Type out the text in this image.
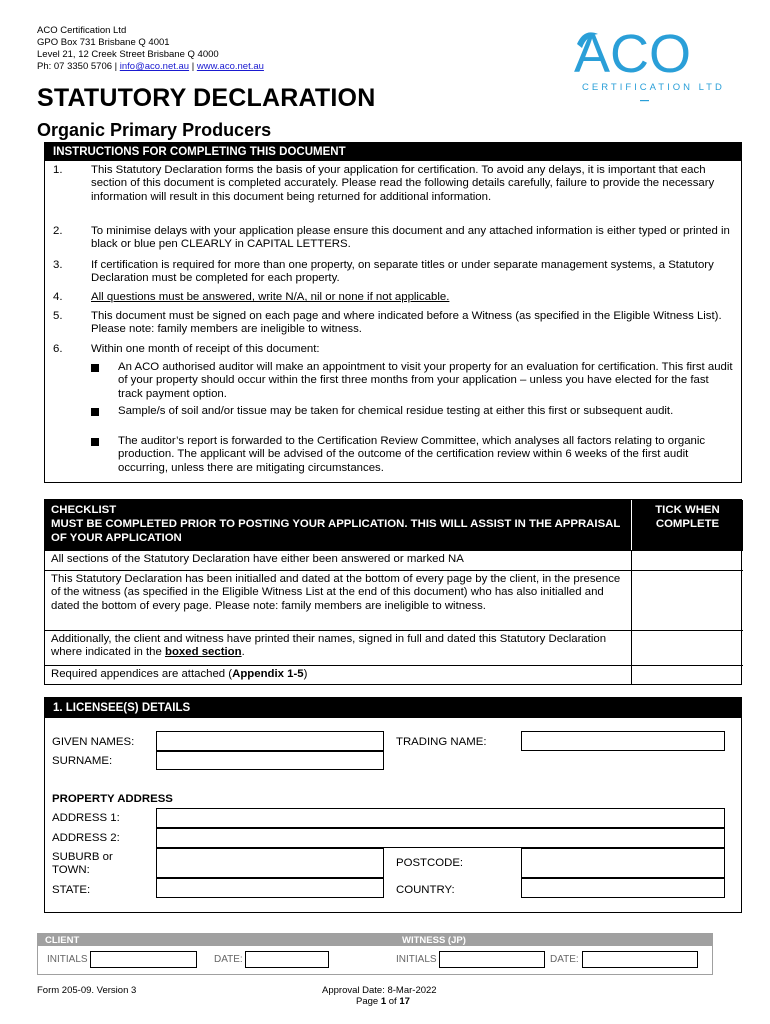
ACO Certification Ltd
GPO Box 731 Brisbane Q 4001
Level 21, 12 Creek Street Brisbane Q 4000
Ph: 07 3350 5706 | info@aco.net.au | www.aco.net.au	ACO
CERTIFICATION LTD.
STATUTORY DECLARATION
Organic Primary Producers
INSTRUCTIONS FOR COMPLETING THIS DOCUMENT
1.	This Statutory Declaration forms the basis of your application for certification. To avoid any delays, it is important that each section of this document is completed accurately. Please read the following details carefully, failure to provide the necessary information will result in this document being returned for additional information.
2.	To minimise delays with your application please ensure this document and any attached information is either typed or printed in black or blue pen CLEARLY in CAPITAL LETTERS.
3.	If certification is required for more than one property, on separate titles or under separate management systems, a Statutory Declaration must be completed for each property.
4.	All questions must be answered, write N/A, nil or none if not applicable.
5.	This document must be signed on each page and where indicated before a Witness (as specified in the Eligible Witness List). Please note: family members are ineligible to witness.
6.	Within one month of receipt of this document:
An ACO authorised auditor will make an appointment to visit your property for an evaluation for certification. This first audit of your property should occur within the first three months from your application – unless you have elected for the fast track payment option.
Sample/s of soil and/or tissue may be taken for chemical residue testing at either this first or subsequent audit.
The auditor’s report is forwarded to the Certification Review Committee, which analyses all factors relating to organic production. The applicant will be advised of the outcome of the certification review within 6 weeks of the first audit occurring, unless there are mitigating circumstances.
CHECKLIST
MUST BE COMPLETED PRIOR TO POSTING YOUR APPLICATION. THIS WILL ASSIST IN THE APPRAISAL OF YOUR APPLICATION
TICK WHEN COMPLETE
All sections of the Statutory Declaration have either been answered or marked NA
This Statutory Declaration has been initialled and dated at the bottom of every page by the client, in the presence of the witness (as specified in the Eligible Witness List at the end of this document) who has also initialled and dated the bottom of every page. Please note: family members are ineligible to witness.
Additionally, the client and witness have printed their names, signed in full and dated this Statutory Declaration where indicated in the boxed section.
Required appendices are attached (Appendix 1-5)
1. LICENSEE(S) DETAILS
GIVEN NAMES:	TRADING NAME:
SURNAME:
PROPERTY ADDRESS
ADDRESS 1:
ADDRESS 2:
SUBURB or TOWN:
POSTCODE:
STATE:	COUNTRY:
CLIENT	WITNESS (JP)
INITIALS	DATE:	INITIALS	DATE:
Form 205-09. Version 3	Approval Date: 8-Mar-2022
Page 1 of 17
